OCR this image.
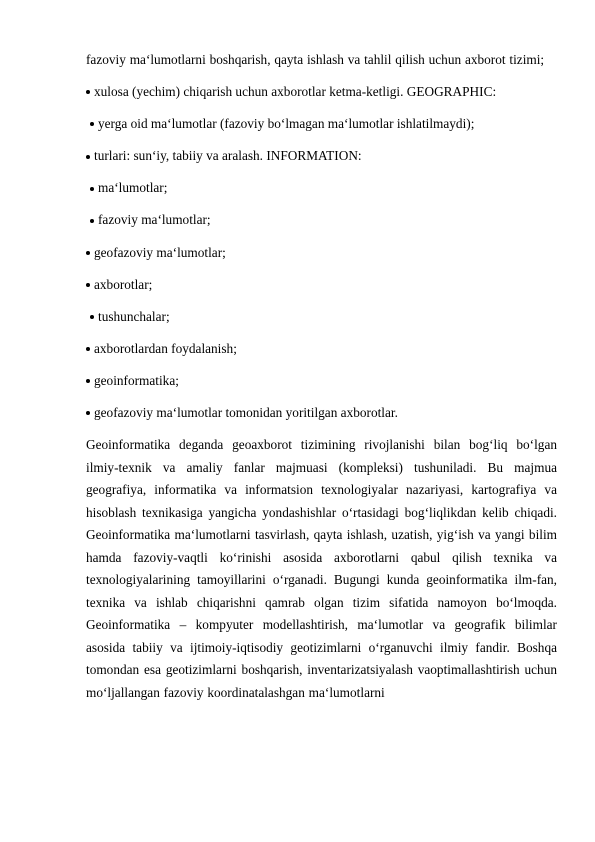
fazoviy ma‘lumotlarni boshqarish, qayta ishlash va tahlil qilish uchun axborot tizimi;

xulosa (yechim) chiqarish uchun axborotlar ketma-ketligi. GEOGRAPHIC:
yerga oid ma‘lumotlar (fazoviy bo‘lmagan ma‘lumotlar ishlatilmaydi);
turlari: sun‘iy, tabiiy va aralash. INFORMATION:
ma‘lumotlar;
fazoviy ma‘lumotlar;
geofazoviy ma‘lumotlar;
axborotlar;
tushunchalar;
axborotlardan foydalanish;
geoinformatika;
geofazoviy ma‘lumotlar tomonidan yoritilgan axborotlar.

Geoinformatika deganda geoaxborot tizimining rivojlanishi bilan bog‘liq bo‘lgan ilmiy-texnik va amaliy fanlar majmuasi (kompleksi) tushuniladi. Bu majmua geografiya, informatika va informatsion texnologiyalar nazariyasi, kartografiya va hisoblash texnikasiga yangicha yondashishlar o‘rtasidagi bog‘liqlikdan kelib chiqadi. Geoinformatika ma‘lumotlarni tasvirlash, qayta ishlash, uzatish, yig‘ish va yangi bilim hamda fazoviy-vaqtli ko‘rinishi asosida axborotlarni qabul qilish texnika va texnologiyalarining tamoyillarini o‘rganadi. Bugungi kunda geoinformatika ilm-fan, texnika va ishlab chiqarishni qamrab olgan tizim sifatida namoyon bo‘lmoqda. Geoinformatika – kompyuter modellashtirish, ma‘lumotlar va geografik bilimlar asosida tabiiy va ijtimoiy-iqtisodiy geotizimlarni o‘rganuvchi ilmiy fandir. Boshqa tomondan esa geotizimlarni boshqarish, inventarizatsiyalash vaoptimallashtirish uchun mo‘ljallangan fazoviy koordinatalashgan ma‘lumotlarni
